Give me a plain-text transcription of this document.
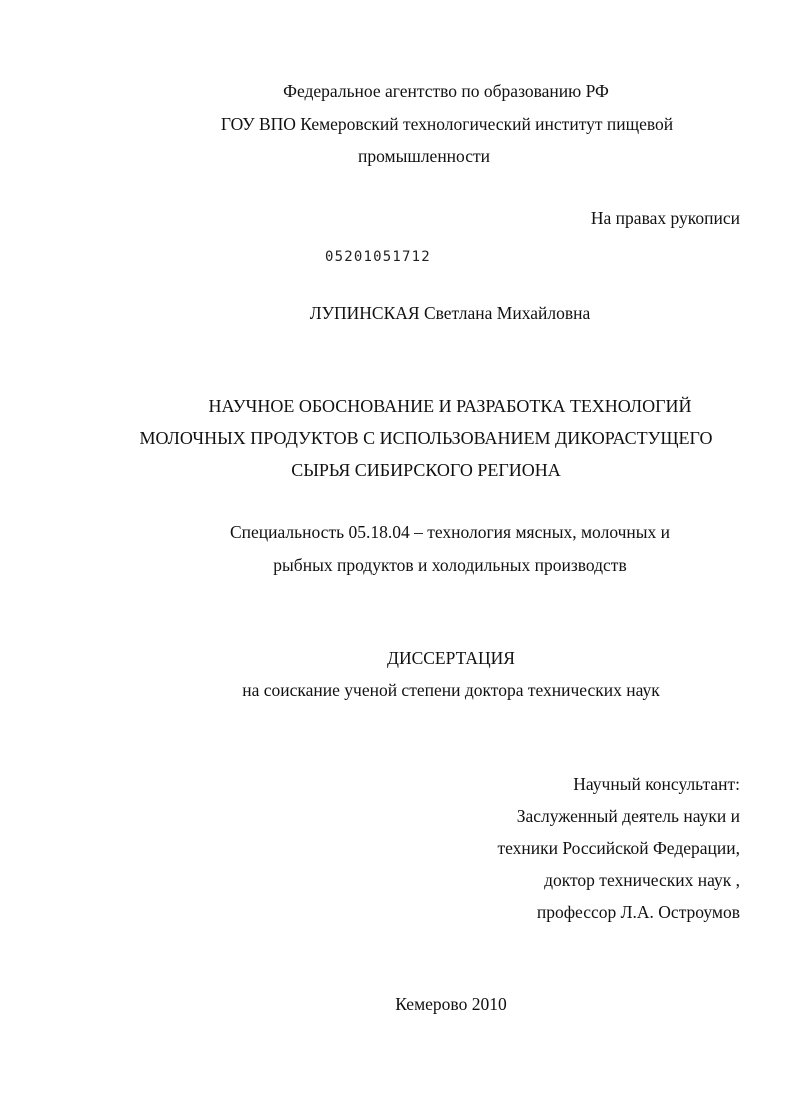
Федеральное агентство по образованию РФ
ГОУ ВПО Кемеровский технологический институт пищевой
промышленности
На правах рукописи
05201051712
ЛУПИНСКАЯ Светлана Михайловна
НАУЧНОЕ ОБОСНОВАНИЕ И РАЗРАБОТКА ТЕХНОЛОГИЙ
МОЛОЧНЫХ ПРОДУКТОВ С ИСПОЛЬЗОВАНИЕМ ДИКОРАСТУЩЕГО
СЫРЬЯ СИБИРСКОГО РЕГИОНА
Специальность 05.18.04 – технология мясных, молочных и
рыбных продуктов и холодильных производств
ДИССЕРТАЦИЯ
на соискание ученой степени доктора технических наук
Научный консультант:
Заслуженный деятель науки и
техники Российской Федерации,
доктор технических наук ,
профессор Л.А. Остроумов
Кемерово 2010
